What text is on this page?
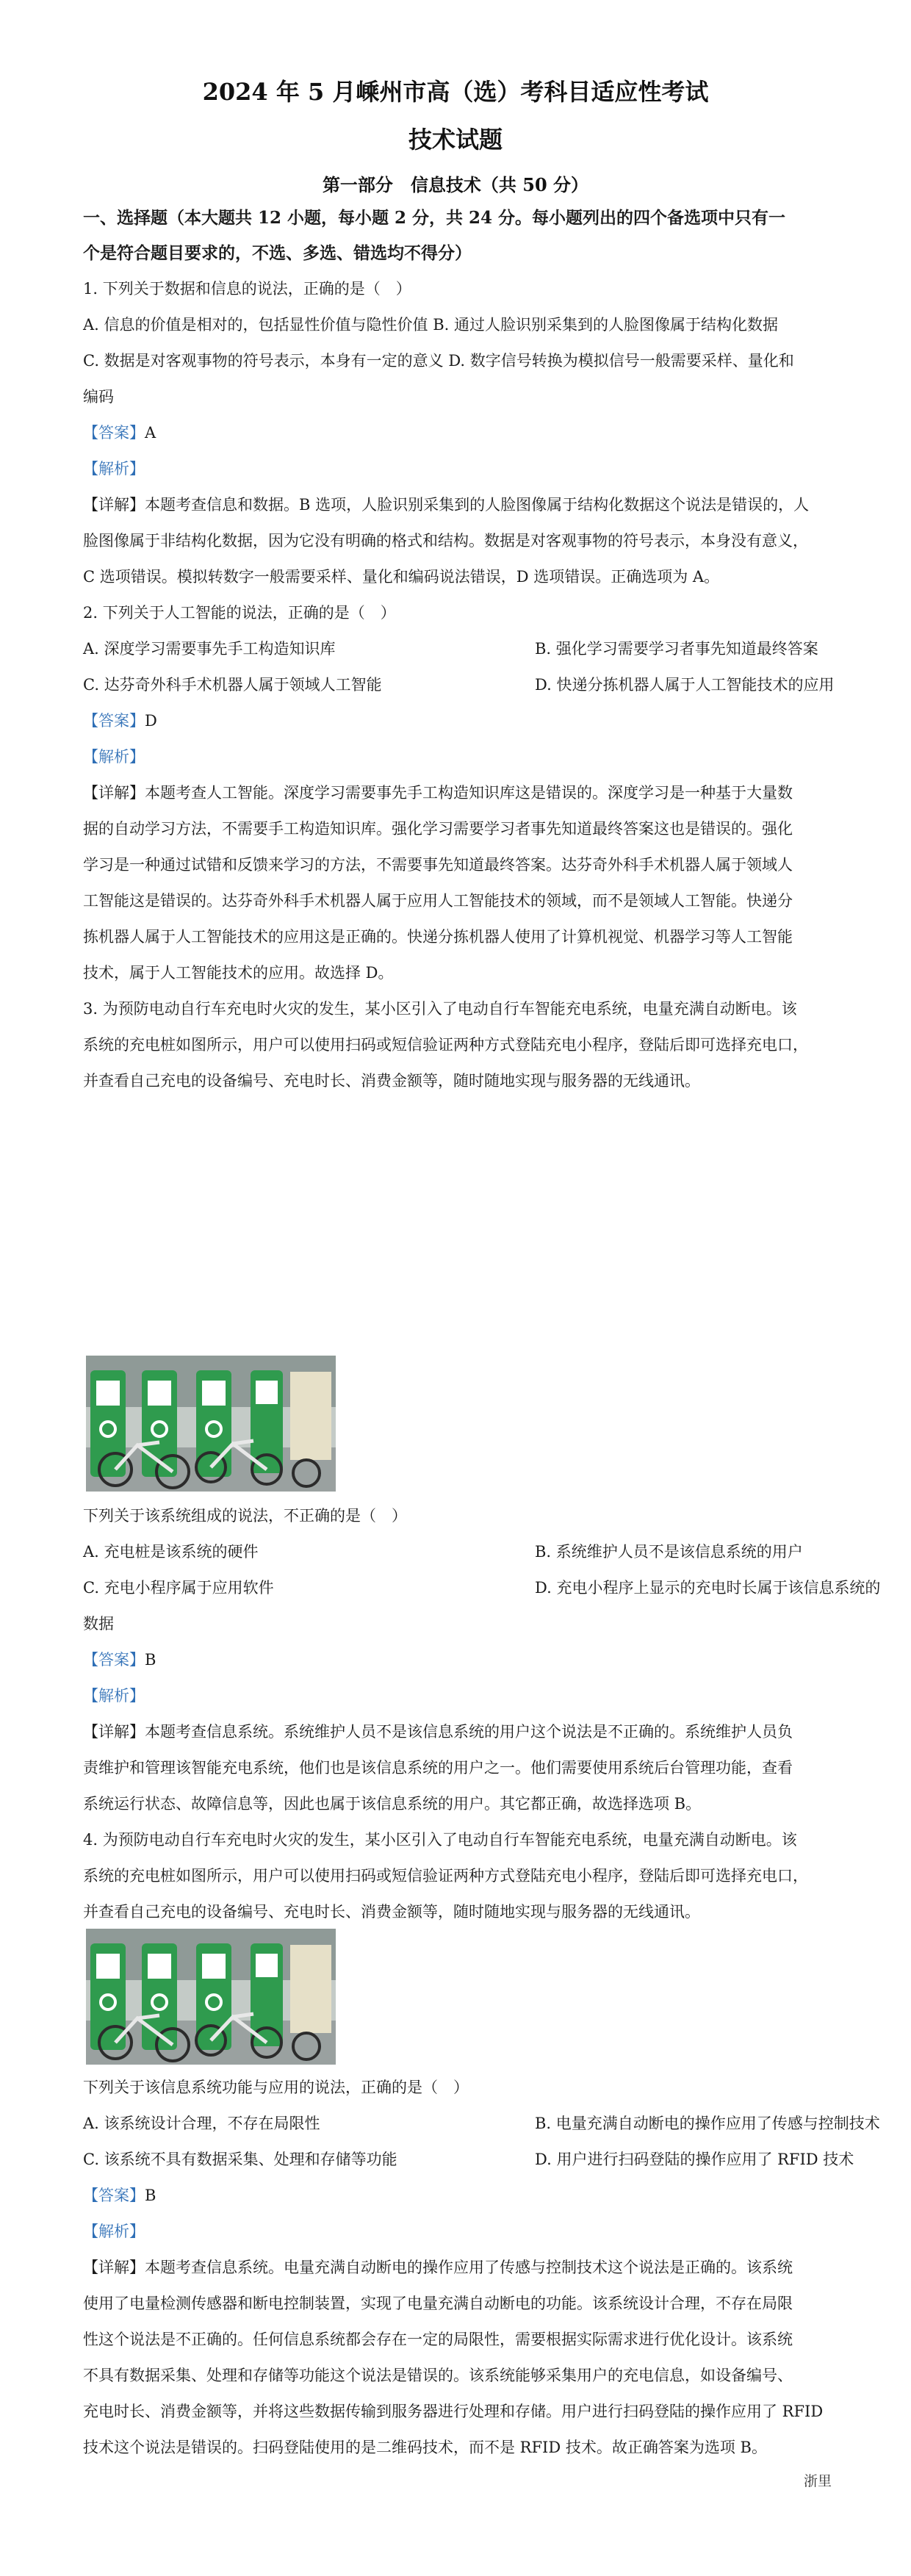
2024 年 5 月嵊州市高（选）考科目适应性考试
技术试题
第一部分　信息技术（共 50 分）
一、选择题（本大题共 12 小题，每小题 2 分，共 24 分。每小题列出的四个备选项中只有一
个是符合题目要求的，不选、多选、错选均不得分）
1. 下列关于数据和信息的说法，正确的是（　）
A. 信息的价值是相对的，包括显性价值与隐性价值 B. 通过人脸识别采集到的人脸图像属于结构化数据
C. 数据是对客观事物的符号表示，本身有一定的意义 D. 数字信号转换为模拟信号一般需要采样、量化和
编码
【答案】A
【解析】
【详解】本题考查信息和数据。B 选项，人脸识别采集到的人脸图像属于结构化数据这个说法是错误的，人
脸图像属于非结构化数据，因为它没有明确的格式和结构。数据是对客观事物的符号表示，本身没有意义，
C 选项错误。模拟转数字一般需要采样、量化和编码说法错误，D 选项错误。正确选项为 A。
2. 下列关于人工智能的说法，正确的是（　）
A. 深度学习需要事先手工构造知识库	B. 强化学习需要学习者事先知道最终答案
C. 达芬奇外科手术机器人属于领域人工智能	D. 快递分拣机器人属于人工智能技术的应用
【答案】D
【解析】
【详解】本题考查人工智能。深度学习需要事先手工构造知识库这是错误的。深度学习是一种基于大量数
据的自动学习方法，不需要手工构造知识库。强化学习需要学习者事先知道最终答案这也是错误的。强化
学习是一种通过试错和反馈来学习的方法，不需要事先知道最终答案。达芬奇外科手术机器人属于领域人
工智能这是错误的。达芬奇外科手术机器人属于应用人工智能技术的领域，而不是领域人工智能。快递分
拣机器人属于人工智能技术的应用这是正确的。快递分拣机器人使用了计算机视觉、机器学习等人工智能
技术，属于人工智能技术的应用。故选择 D。
3. 为预防电动自行车充电时火灾的发生，某小区引入了电动自行车智能充电系统，电量充满自动断电。该
系统的充电桩如图所示，用户可以使用扫码或短信验证两种方式登陆充电小程序，登陆后即可选择充电口，
并查看自己充电的设备编号、充电时长、消费金额等，随时随地实现与服务器的无线通讯。
下列关于该系统组成的说法，不正确的是（　）
A. 充电桩是该系统的硬件	B. 系统维护人员不是该信息系统的用户
C. 充电小程序属于应用软件	D. 充电小程序上显示的充电时长属于该信息系统的
数据
【答案】B
【解析】
【详解】本题考查信息系统。系统维护人员不是该信息系统的用户这个说法是不正确的。系统维护人员负
责维护和管理该智能充电系统，他们也是该信息系统的用户之一。他们需要使用系统后台管理功能，查看
系统运行状态、故障信息等，因此也属于该信息系统的用户。其它都正确，故选择选项 B。
4. 为预防电动自行车充电时火灾的发生，某小区引入了电动自行车智能充电系统，电量充满自动断电。该
系统的充电桩如图所示，用户可以使用扫码或短信验证两种方式登陆充电小程序，登陆后即可选择充电口，
并查看自己充电的设备编号、充电时长、消费金额等，随时随地实现与服务器的无线通讯。
下列关于该信息系统功能与应用的说法，正确的是（　）
A. 该系统设计合理，不存在局限性	B. 电量充满自动断电的操作应用了传感与控制技术
C. 该系统不具有数据采集、处理和存储等功能	D. 用户进行扫码登陆的操作应用了 RFID 技术
【答案】B
【解析】
【详解】本题考查信息系统。电量充满自动断电的操作应用了传感与控制技术这个说法是正确的。该系统
使用了电量检测传感器和断电控制装置，实现了电量充满自动断电的功能。该系统设计合理，不存在局限
性这个说法是不正确的。任何信息系统都会存在一定的局限性，需要根据实际需求进行优化设计。该系统
不具有数据采集、处理和存储等功能这个说法是错误的。该系统能够采集用户的充电信息，如设备编号、
充电时长、消费金额等，并将这些数据传输到服务器进行处理和存储。用户进行扫码登陆的操作应用了 RFID
技术这个说法是错误的。扫码登陆使用的是二维码技术，而不是 RFID 技术。故正确答案为选项 B。
浙里
